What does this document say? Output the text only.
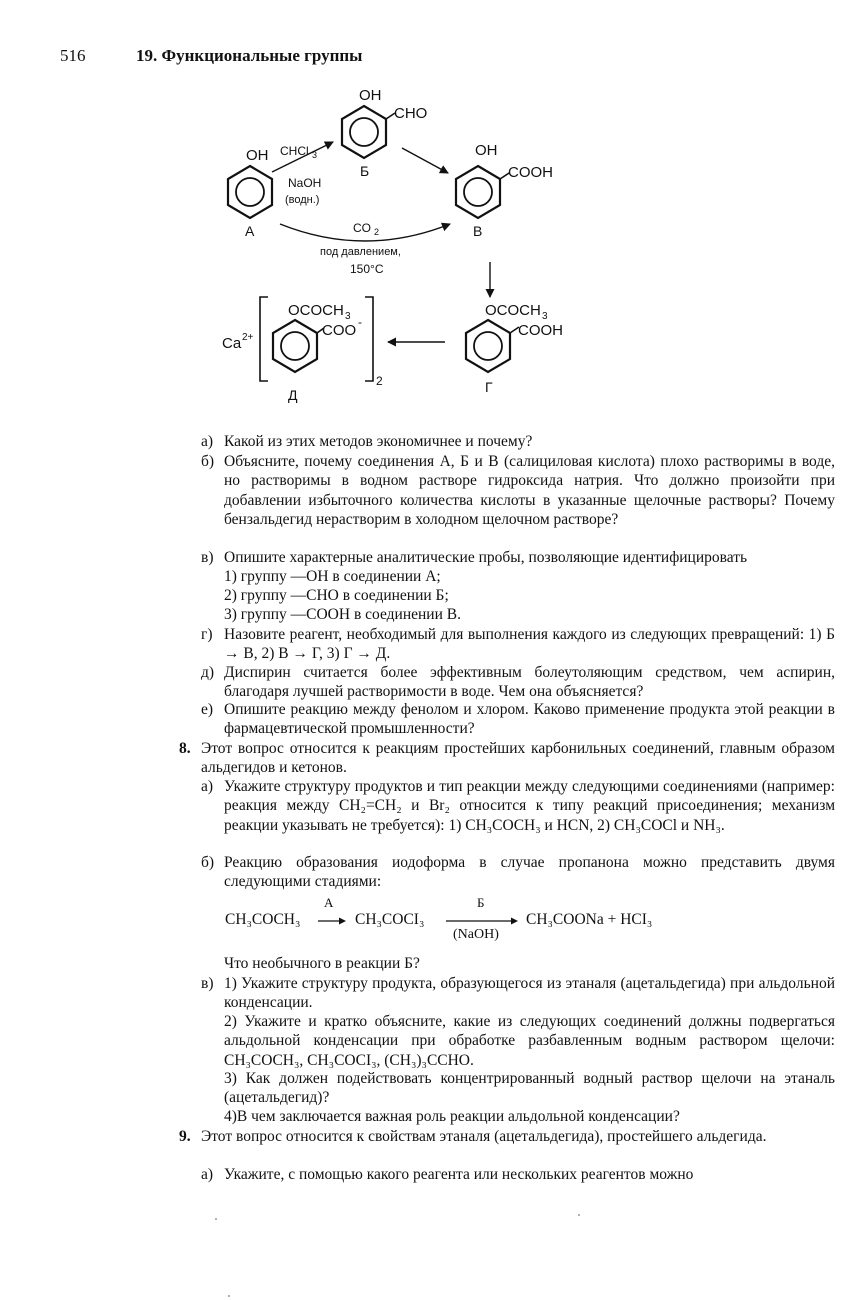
516	19. Функциональные группы
OH
OH
CHO
OH
COOH
CHCl 3
NaOH
(водн.)
CO 2
под давлением,
150°C
OCOCH 3
COOH
OCOCH 3
COO -
Ca 2+
2
А
Б
В
Г
Д
а) Какой из этих методов экономичнее и почему?
б) Объясните, почему соединения А, Б и В (салициловая кислота) плохо растворимы в воде, но растворимы в водном растворе гидроксида натрия. Что должно произойти при добавлении избыточного количества кислоты в указанные щелочные растворы? Почему бензальдегид нерастворим в холодном щелочном растворе?
в) Опишите характерные аналитические пробы, позволяющие идентифицировать
1) группу —OH в соединении А;
2) группу —CHO в соединении Б;
3) группу —COOH в соединении В.
г) Назовите реагент, необходимый для выполнения каждого из следующих превращений: 1) Б → В, 2) В → Г, 3) Г → Д.
д) Диспирин считается более эффективным болеутоляющим средством, чем аспирин, благодаря лучшей растворимости в воде. Чем она объясняется?
е) Опишите реакцию между фенолом и хлором. Каково применение продукта этой реакции в фармацевтической промышленности?
8. Этот вопрос относится к реакциям простейших карбонильных соединений, главным образом альдегидов и кетонов.
а) Укажите структуру продуктов и тип реакции между следующими соединениями (например: реакция между CH₂=CH₂ и Br₂ относится к типу реакций присоединения; механизм реакции указывать не требуется): 1) CH₃COCH₃ и HCN, 2) CH₃COCl и NH₃.
б) Реакцию образования иодоформа в случае пропанона можно представить двумя следующими стадиями:
CH₃COCH₃
A
CH₃COCI₃
Б
(NaOH)
CH₃COONa + HCI₃
Что необычного в реакции Б?
в) 1) Укажите структуру продукта, образующегося из этаналя (ацетальдегида) при альдольной конденсации.
2) Укажите и кратко объясните, какие из следующих соединений должны подвергаться альдольной конденсации при обработке разбавленным водным раствором щелочи: CH₃COCH₃, CH₃COCI₃, (CH₃)₃CCHO.
3) Как должен подействовать концентрированный водный раствор щелочи на этаналь (ацетальдегид)?
4)В чем заключается важная роль реакции альдольной конденсации?
9. Этот вопрос относится к свойствам этаналя (ацетальдегида), простейшего альдегида.
а) Укажите, с помощью какого реагента или нескольких реагентов можно
